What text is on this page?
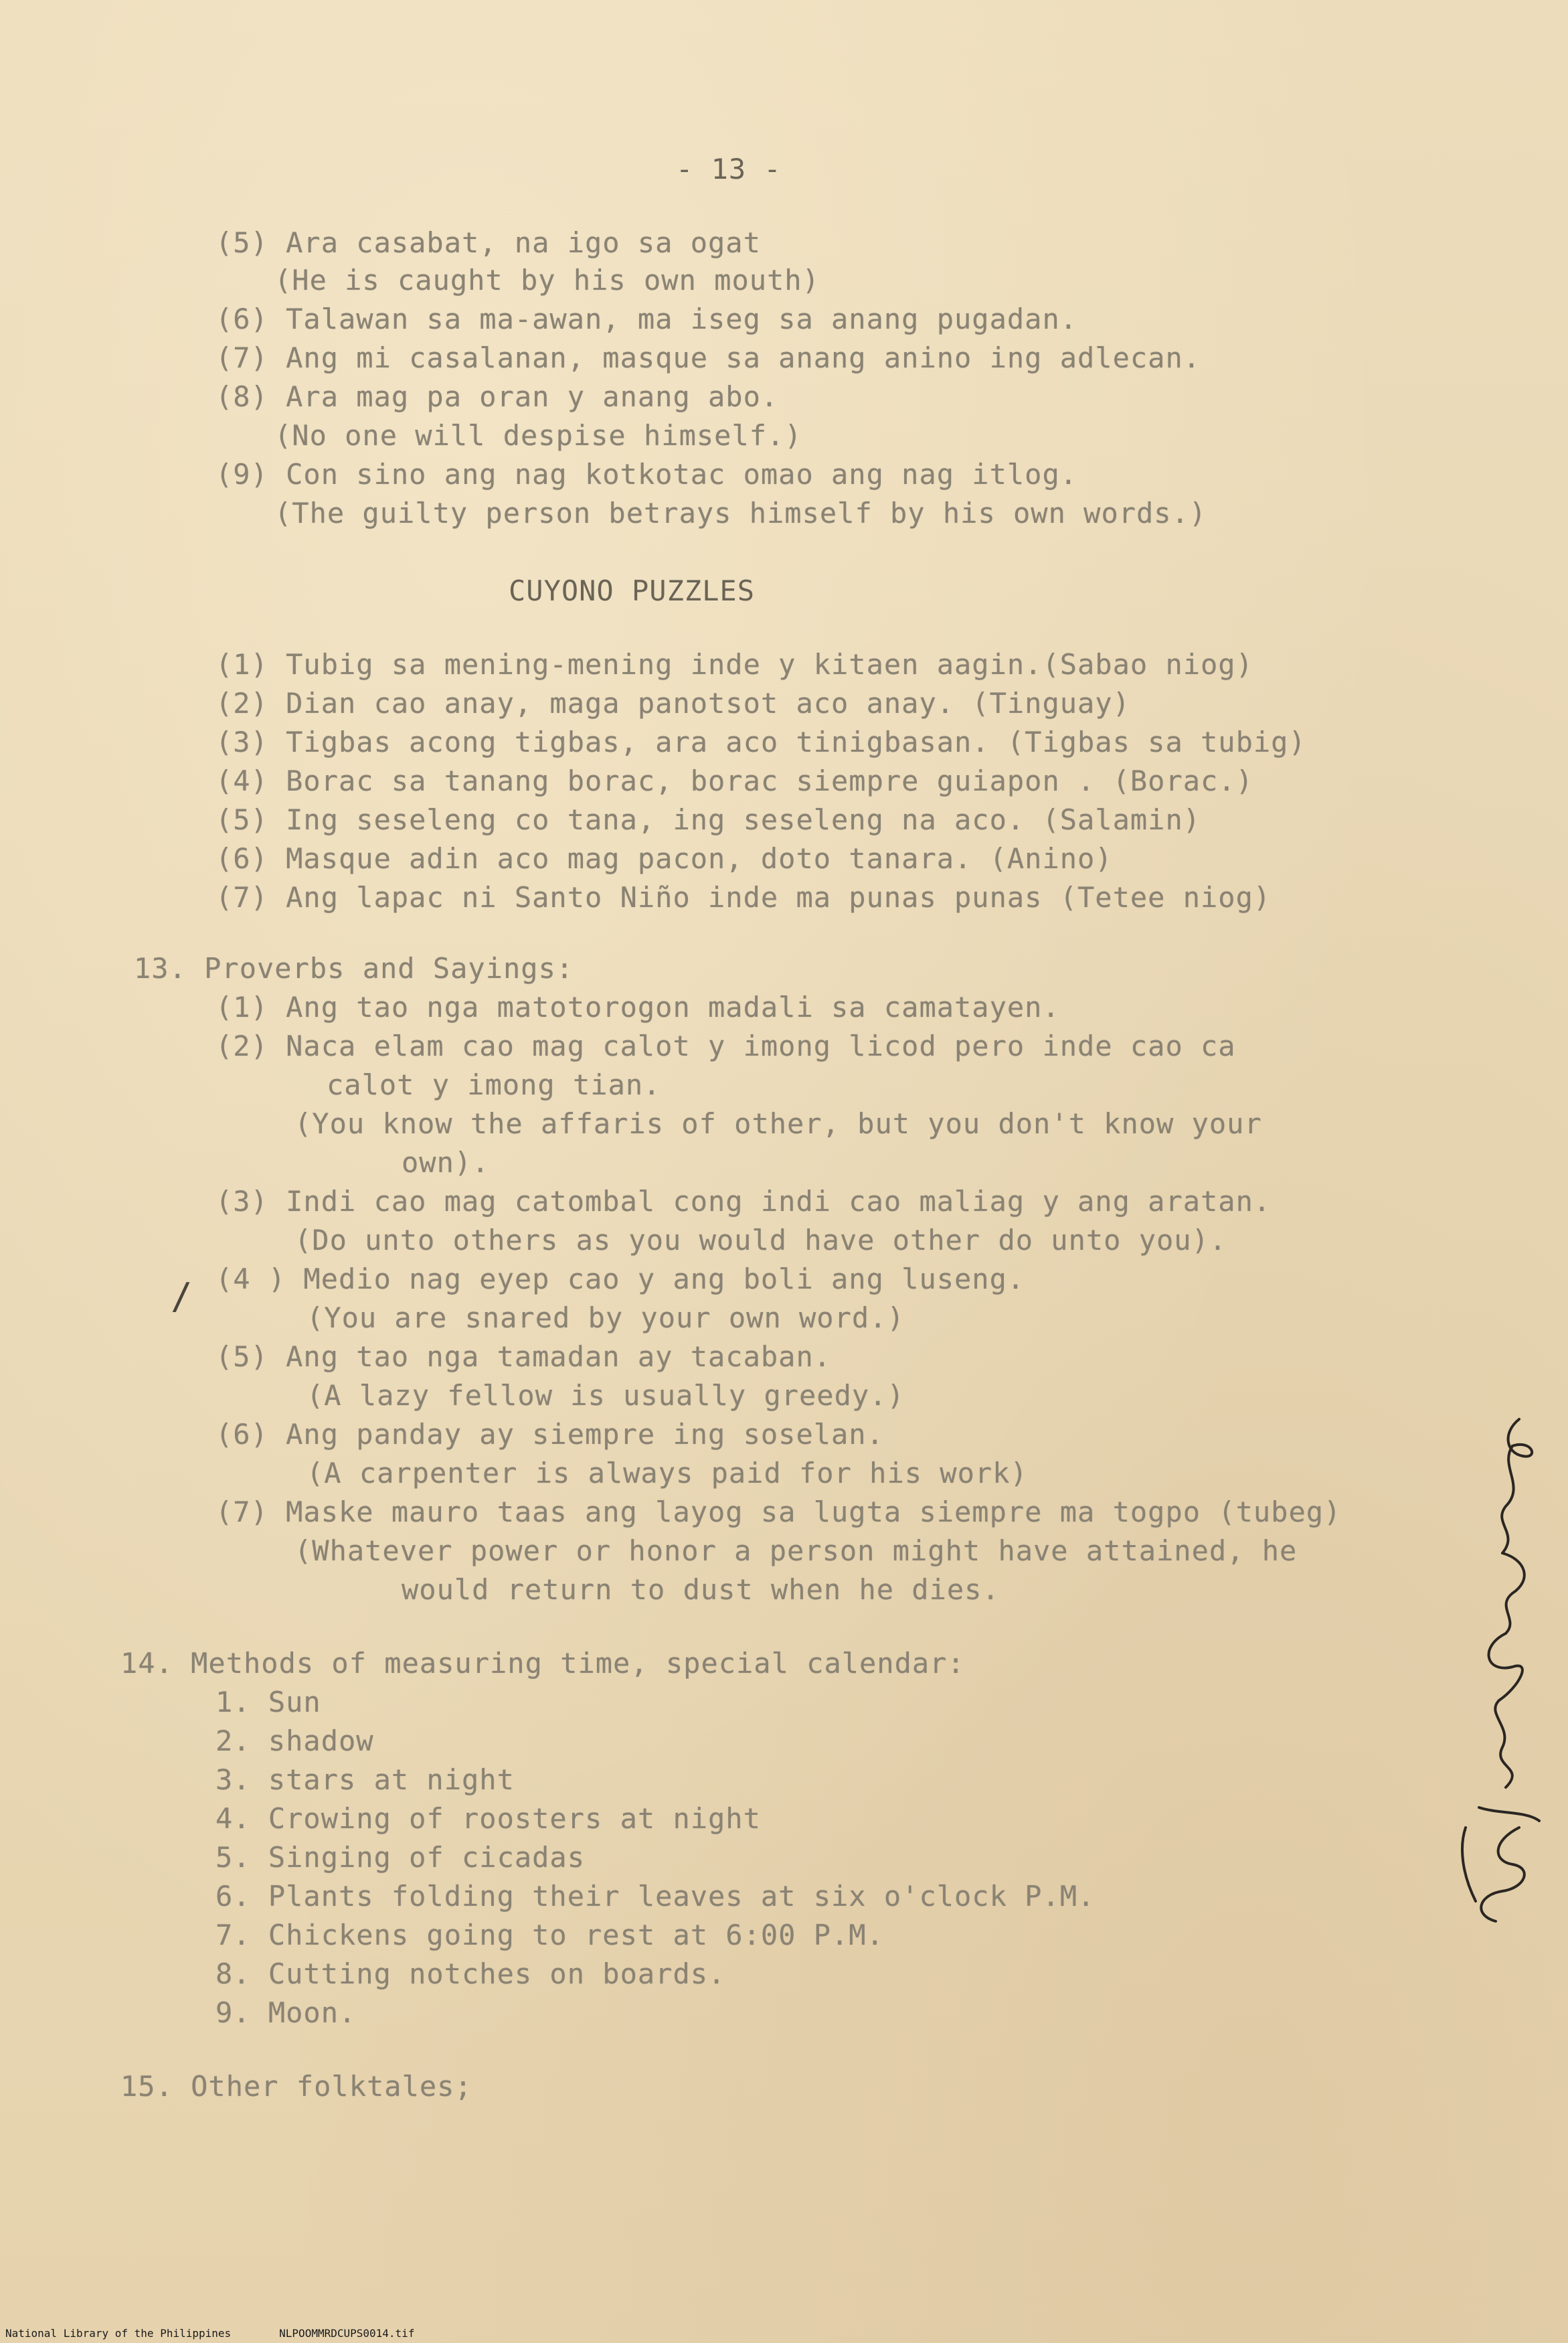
- 13 -
(5) Ara casabat, na igo sa ogat
(He is caught by his own mouth)
(6) Talawan sa ma-awan, ma iseg sa anang pugadan.
(7) Ang mi casalanan, masque sa anang anino ing adlecan.
(8) Ara mag pa oran y anang abo.
(No one will despise himself.)
(9) Con sino ang nag kotkotac omao ang nag itlog.
(The guilty person betrays himself by his own words.)
CUYONO PUZZLES
(1) Tubig sa mening-mening inde y kitaen aagin.(Sabao niog)
(2) Dian cao anay, maga panotsot aco anay. (Tinguay)
(3) Tigbas acong tigbas, ara aco tinigbasan. (Tigbas sa tubig)
(4) Borac sa tanang borac, borac siempre guiapon . (Borac.)
(5) Ing seseleng co tana, ing seseleng na aco. (Salamin)
(6) Masque adin aco mag pacon, doto tanara. (Anino)
(7) Ang lapac ni Santo Niño inde ma punas punas (Tetee niog)
13. Proverbs and Sayings:
(1) Ang tao nga matotorogon madali sa camatayen.
(2) Naca elam cao mag calot y imong licod pero inde cao ca
calot y imong tian.
(You know the affaris of other, but you don't know your
own).
(3) Indi cao mag catombal cong indi cao maliag y ang aratan.
(Do unto others as you would have other do unto you).
(4 ) Medio nag eyep cao y ang boli ang luseng.
(You are snared by your own word.)
/
(5) Ang tao nga tamadan ay tacaban.
(A lazy fellow is usually greedy.)
(6) Ang panday ay siempre ing soselan.
(A carpenter is always paid for his work)
(7) Maske mauro taas ang layog sa lugta siempre ma togpo (tubeg)
(Whatever power or honor a person might have attained, he
would return to dust when he dies.
14. Methods of measuring time, special calendar:
1. Sun
2. shadow
3. stars at night
4. Crowing of roosters at night
5. Singing of cicadas
6. Plants folding their leaves at six o'clock P.M.
7. Chickens going to rest at 6:00 P.M.
8. Cutting notches on boards.
9. Moon.
15. Other folktales;
National Library of the Philippines	NLPOOMMRDCUPS0014.tif
